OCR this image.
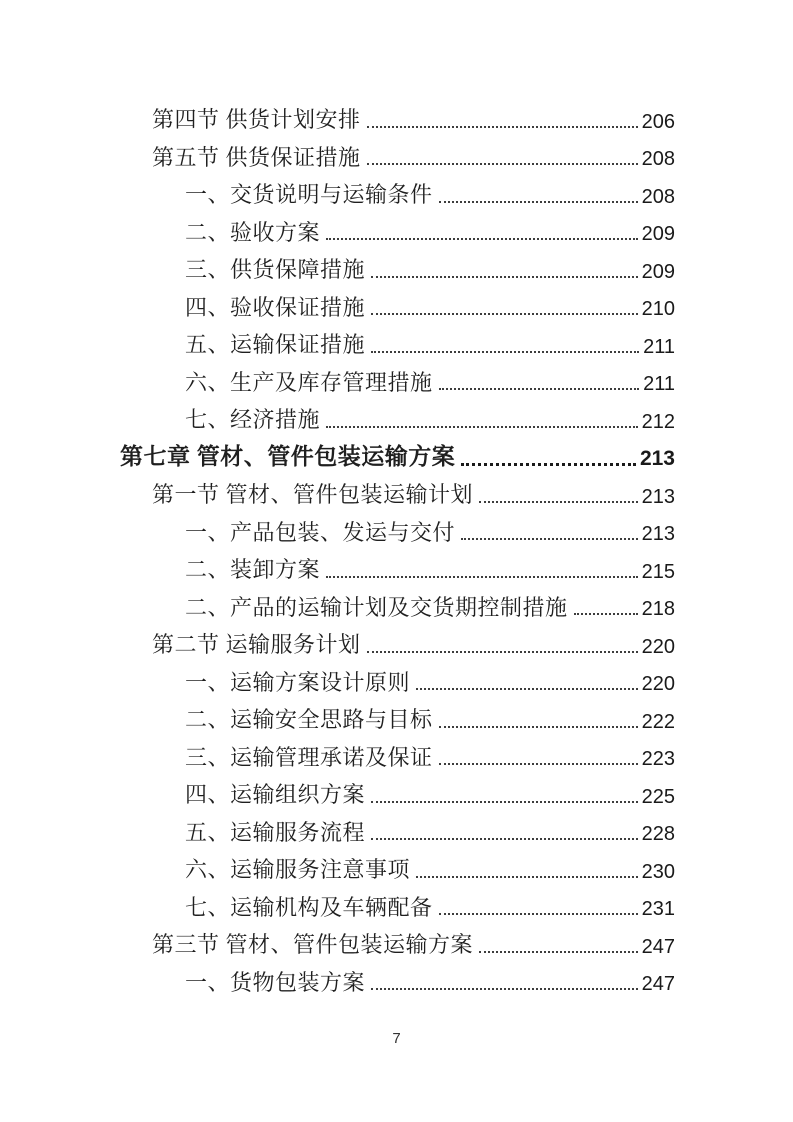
第四节 供货计划安排	206
第五节 供货保证措施	208
一、交货说明与运输条件	208
二、验收方案	209
三、供货保障措施	209
四、验收保证措施	210
五、运输保证措施	211
六、生产及库存管理措施	211
七、经济措施	212
第七章 管材、管件包装运输方案	213
第一节 管材、管件包装运输计划	213
一、产品包装、发运与交付	213
二、装卸方案	215
二、产品的运输计划及交货期控制措施	218
第二节 运输服务计划	220
一、运输方案设计原则	220
二、运输安全思路与目标	222
三、运输管理承诺及保证	223
四、运输组织方案	225
五、运输服务流程	228
六、运输服务注意事项	230
七、运输机构及车辆配备	231
第三节 管材、管件包装运输方案	247
一、货物包装方案	247
7
